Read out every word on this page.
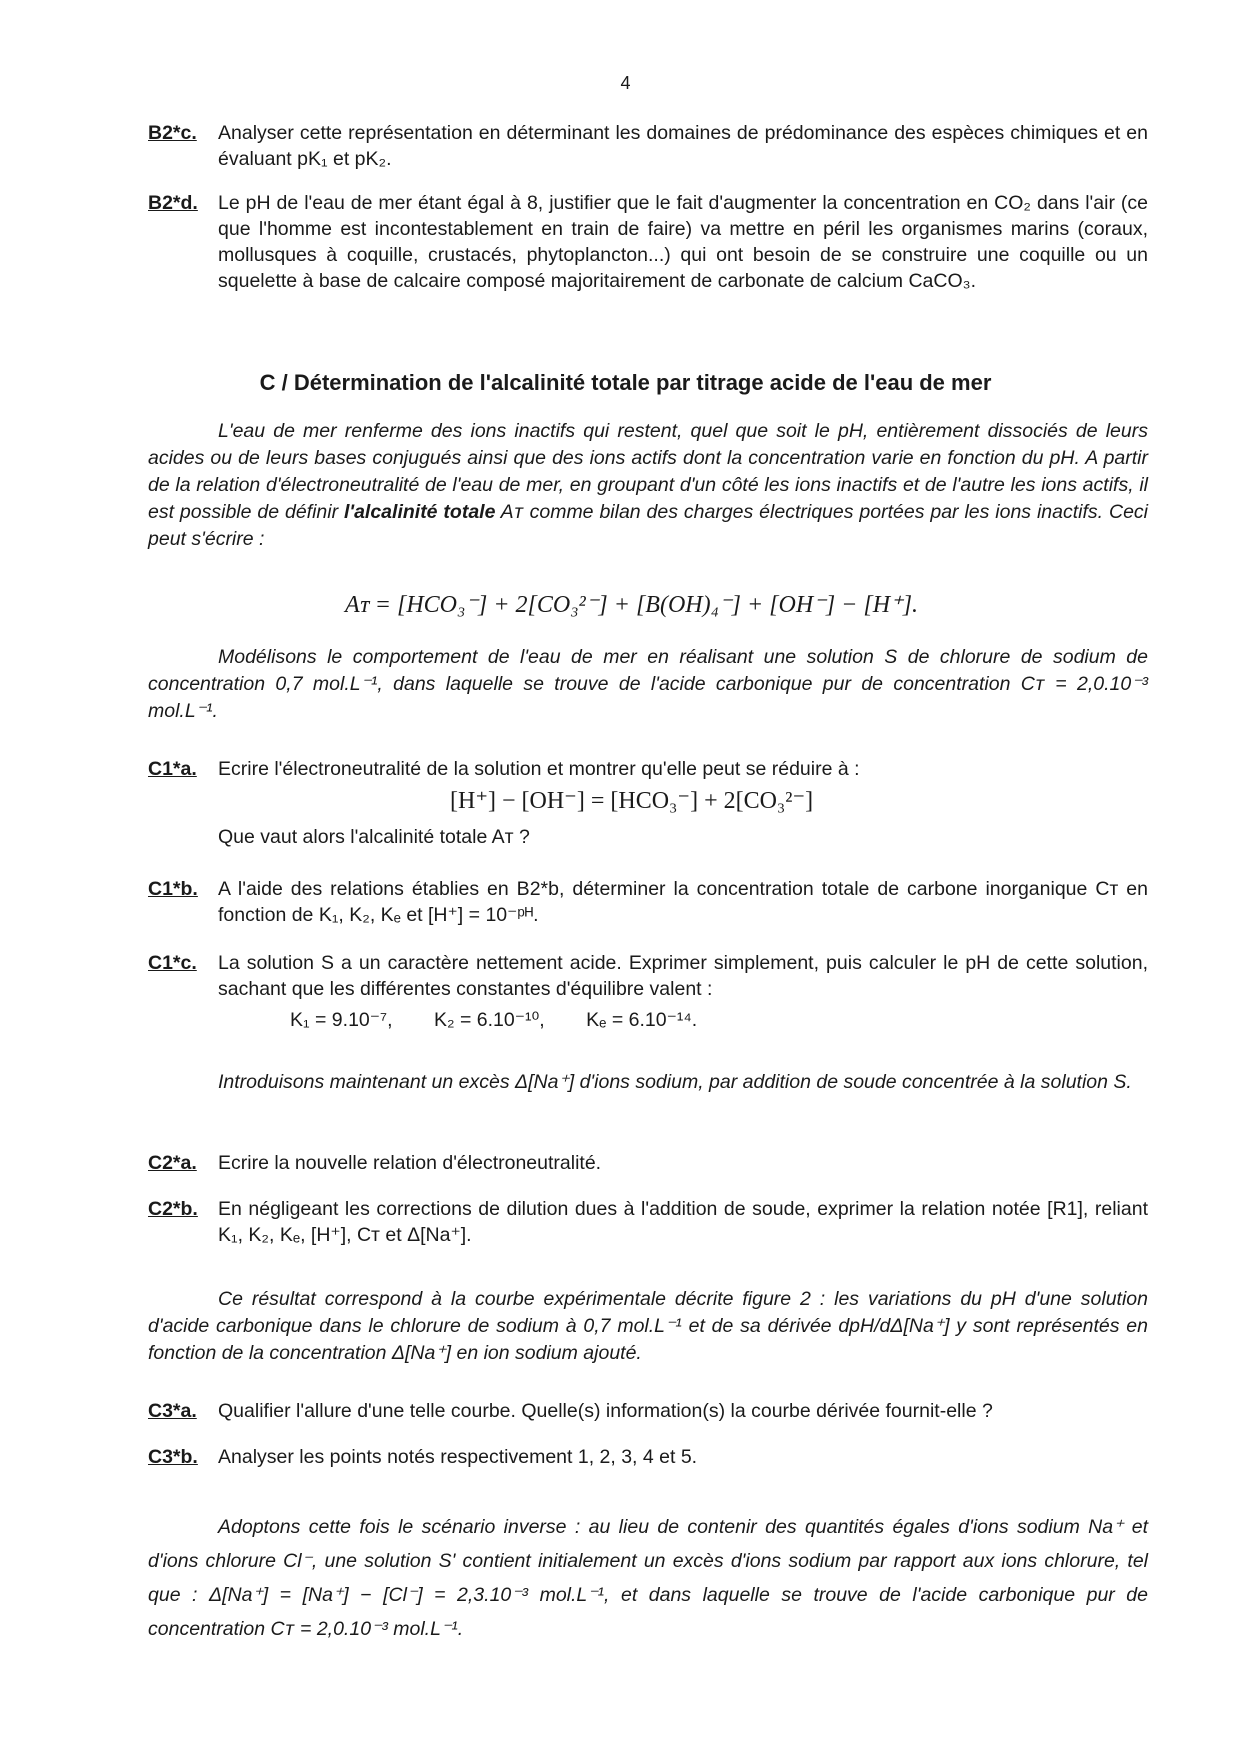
4
B2*c. Analyser cette représentation en déterminant les domaines de prédominance des espèces chimiques et en évaluant pK₁ et pK₂.
B2*d. Le pH de l'eau de mer étant égal à 8, justifier que le fait d'augmenter la concentration en CO₂ dans l'air (ce que l'homme est incontestablement en train de faire) va mettre en péril les organismes marins (coraux, mollusques à coquille, crustacés, phytoplancton...) qui ont besoin de se construire une coquille ou un squelette à base de calcaire composé majoritairement de carbonate de calcium CaCO₃.
C / Détermination de l'alcalinité totale par titrage acide de l'eau de mer
L'eau de mer renferme des ions inactifs qui restent, quel que soit le pH, entièrement dissociés de leurs acides ou de leurs bases conjugués ainsi que des ions actifs dont la concentration varie en fonction du pH. A partir de la relation d'électroneutralité de l'eau de mer, en groupant d'un côté les ions inactifs et de l'autre les ions actifs, il est possible de définir l'alcalinité totale Aᴛ comme bilan des charges électriques portées par les ions inactifs. Ceci peut s'écrire :
Aᴛ = [HCO₃⁻] + 2[CO₃²⁻] + [B(OH)₄⁻] + [OH⁻] − [H⁺].
Modélisons le comportement de l'eau de mer en réalisant une solution S de chlorure de sodium de concentration 0,7 mol.L⁻¹, dans laquelle se trouve de l'acide carbonique pur de concentration Cᴛ = 2,0.10⁻³ mol.L⁻¹.
C1*a. Ecrire l'électroneutralité de la solution et montrer qu'elle peut se réduire à :
[H⁺] − [OH⁻] = [HCO₃⁻] + 2[CO₃²⁻]
Que vaut alors l'alcalinité totale Aᴛ ?
C1*b. A l'aide des relations établies en B2*b, déterminer la concentration totale de carbone inorganique Cᴛ en fonction de K₁, K₂, Kₑ et [H⁺] = 10⁻ᵖᴴ.
C1*c. La solution S a un caractère nettement acide. Exprimer simplement, puis calculer le pH de cette solution, sachant que les différentes constantes d'équilibre valent :
K₁ = 9.10⁻⁷, K₂ = 6.10⁻¹⁰, Kₑ = 6.10⁻¹⁴.
Introduisons maintenant un excès Δ[Na⁺] d'ions sodium, par addition de soude concentrée à la solution S.
C2*a. Ecrire la nouvelle relation d'électroneutralité.
C2*b. En négligeant les corrections de dilution dues à l'addition de soude, exprimer la relation notée [R1], reliant K₁, K₂, Kₑ, [H⁺], Cᴛ et Δ[Na⁺].
Ce résultat correspond à la courbe expérimentale décrite figure 2 : les variations du pH d'une solution d'acide carbonique dans le chlorure de sodium à 0,7 mol.L⁻¹ et de sa dérivée dpH/dΔ[Na⁺] y sont représentés en fonction de la concentration Δ[Na⁺] en ion sodium ajouté.
C3*a. Qualifier l'allure d'une telle courbe. Quelle(s) information(s) la courbe dérivée fournit-elle ?
C3*b. Analyser les points notés respectivement 1, 2, 3, 4 et 5.
Adoptons cette fois le scénario inverse : au lieu de contenir des quantités égales d'ions sodium Na⁺ et d'ions chlorure Cl⁻, une solution S' contient initialement un excès d'ions sodium par rapport aux ions chlorure, tel que : Δ[Na⁺] = [Na⁺] − [Cl⁻] = 2,3.10⁻³ mol.L⁻¹, et dans laquelle se trouve de l'acide carbonique pur de concentration Cᴛ = 2,0.10⁻³ mol.L⁻¹.
